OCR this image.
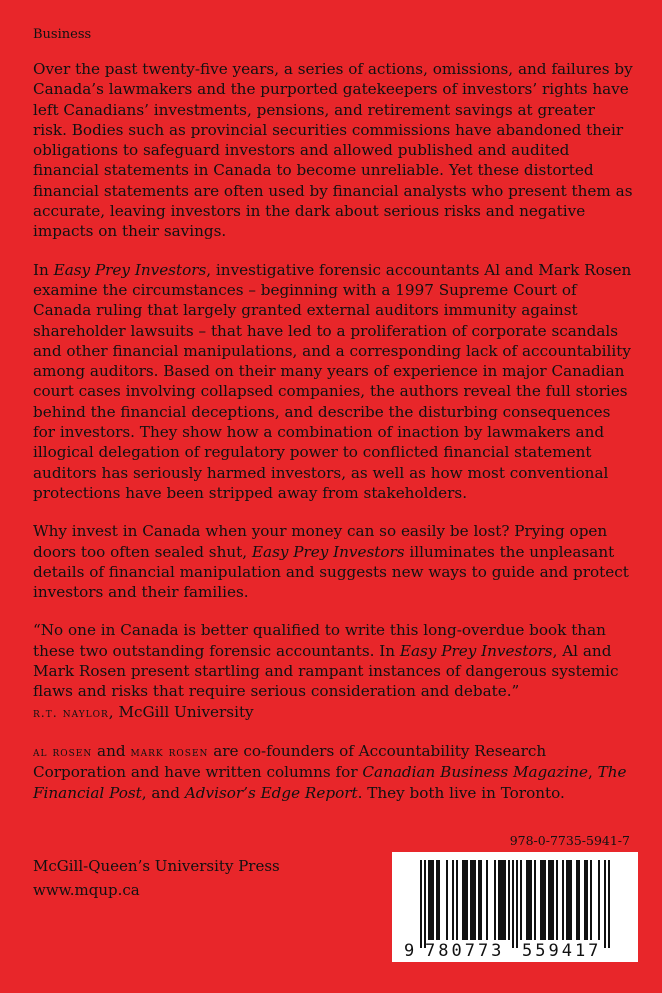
Business

Over the past twenty-five years, a series of actions, omissions, and failures by Canada’s lawmakers and the purported gatekeepers of investors’ rights have left Canadians’ investments, pensions, and retirement savings at greater risk. Bodies such as provincial securities commissions have abandoned their obligations to safeguard investors and allowed published and audited financial statements in Canada to become unreliable. Yet these distorted financial statements are often used by financial analysts who present them as accurate, leaving investors in the dark about serious risks and negative impacts on their savings.

In Easy Prey Investors, investigative forensic accountants Al and Mark Rosen examine the circumstances – beginning with a 1997 Supreme Court of Canada ruling that largely granted external auditors immunity against shareholder lawsuits – that have led to a proliferation of corporate scandals and other financial manipulations, and a corresponding lack of accountability among auditors. Based on their many years of experience in major Canadian court cases involving collapsed companies, the authors reveal the full stories behind the financial deceptions, and describe the disturbing consequences for investors. They show how a combination of inaction by lawmakers and illogical delegation of regulatory power to conflicted financial statement auditors has seriously harmed investors, as well as how most conventional protections have been stripped away from stakeholders.

Why invest in Canada when your money can so easily be lost? Prying open doors too often sealed shut, Easy Prey Investors illuminates the unpleasant details of financial manipulation and suggests new ways to guide and protect investors and their families.

“No one in Canada is better qualified to write this long-overdue book than these two outstanding forensic accountants. In Easy Prey Investors, Al and Mark Rosen present startling and rampant instances of dangerous systemic flaws and risks that require serious consideration and debate.”
r.t. naylor, McGill University

al rosen and mark rosen are co-founders of Accountability Research Corporation and have written columns for Canadian Business Magazine, The Financial Post, and Advisor’s Edge Report. They both live in Toronto.

978-0-7735-5941-7
McGill-Queen’s University Press
www.mqup.ca
9 780773 559417
